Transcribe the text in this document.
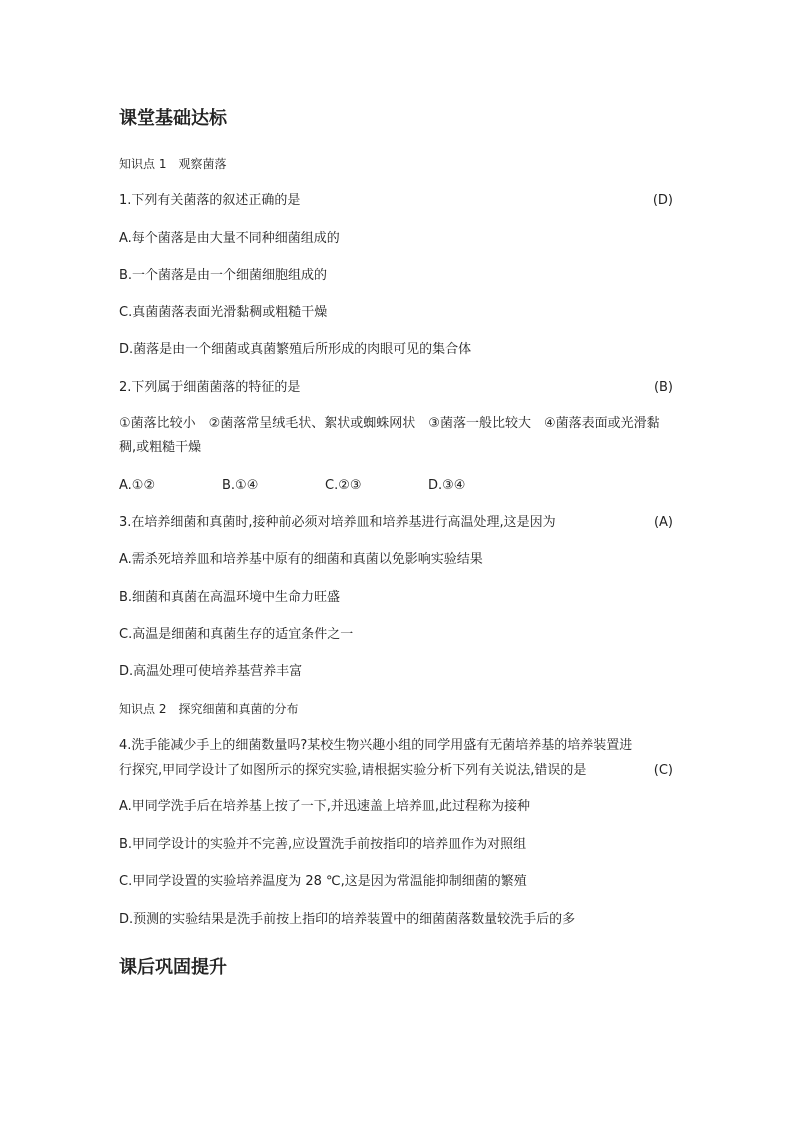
课堂基础达标
知识点 1　观察菌落
1.下列有关菌落的叙述正确的是	(D)
A.每个菌落是由大量不同种细菌组成的
B.一个菌落是由一个细菌细胞组成的
C.真菌菌落表面光滑黏稠或粗糙干燥
D.菌落是由一个细菌或真菌繁殖后所形成的肉眼可见的集合体
2.下列属于细菌菌落的特征的是	(B)
①菌落比较小　②菌落常呈绒毛状、絮状或蜘蛛网状　③菌落一般比较大　④菌落表面或光滑黏稠,或粗糙干燥
A.①②	B.①④	C.②③	D.③④
3.在培养细菌和真菌时,接种前必须对培养皿和培养基进行高温处理,这是因为	(A)
A.需杀死培养皿和培养基中原有的细菌和真菌以免影响实验结果
B.细菌和真菌在高温环境中生命力旺盛
C.高温是细菌和真菌生存的适宜条件之一
D.高温处理可使培养基营养丰富
知识点 2　探究细菌和真菌的分布
4.洗手能减少手上的细菌数量吗?某校生物兴趣小组的同学用盛有无菌培养基的培养装置进
行探究,甲同学设计了如图所示的探究实验,请根据实验分析下列有关说法,错误的是	(C)
A.甲同学洗手后在培养基上按了一下,并迅速盖上培养皿,此过程称为接种
B.甲同学设计的实验并不完善,应设置洗手前按指印的培养皿作为对照组
C.甲同学设置的实验培养温度为 28 ℃,这是因为常温能抑制细菌的繁殖
D.预测的实验结果是洗手前按上指印的培养装置中的细菌菌落数量较洗手后的多
课后巩固提升
